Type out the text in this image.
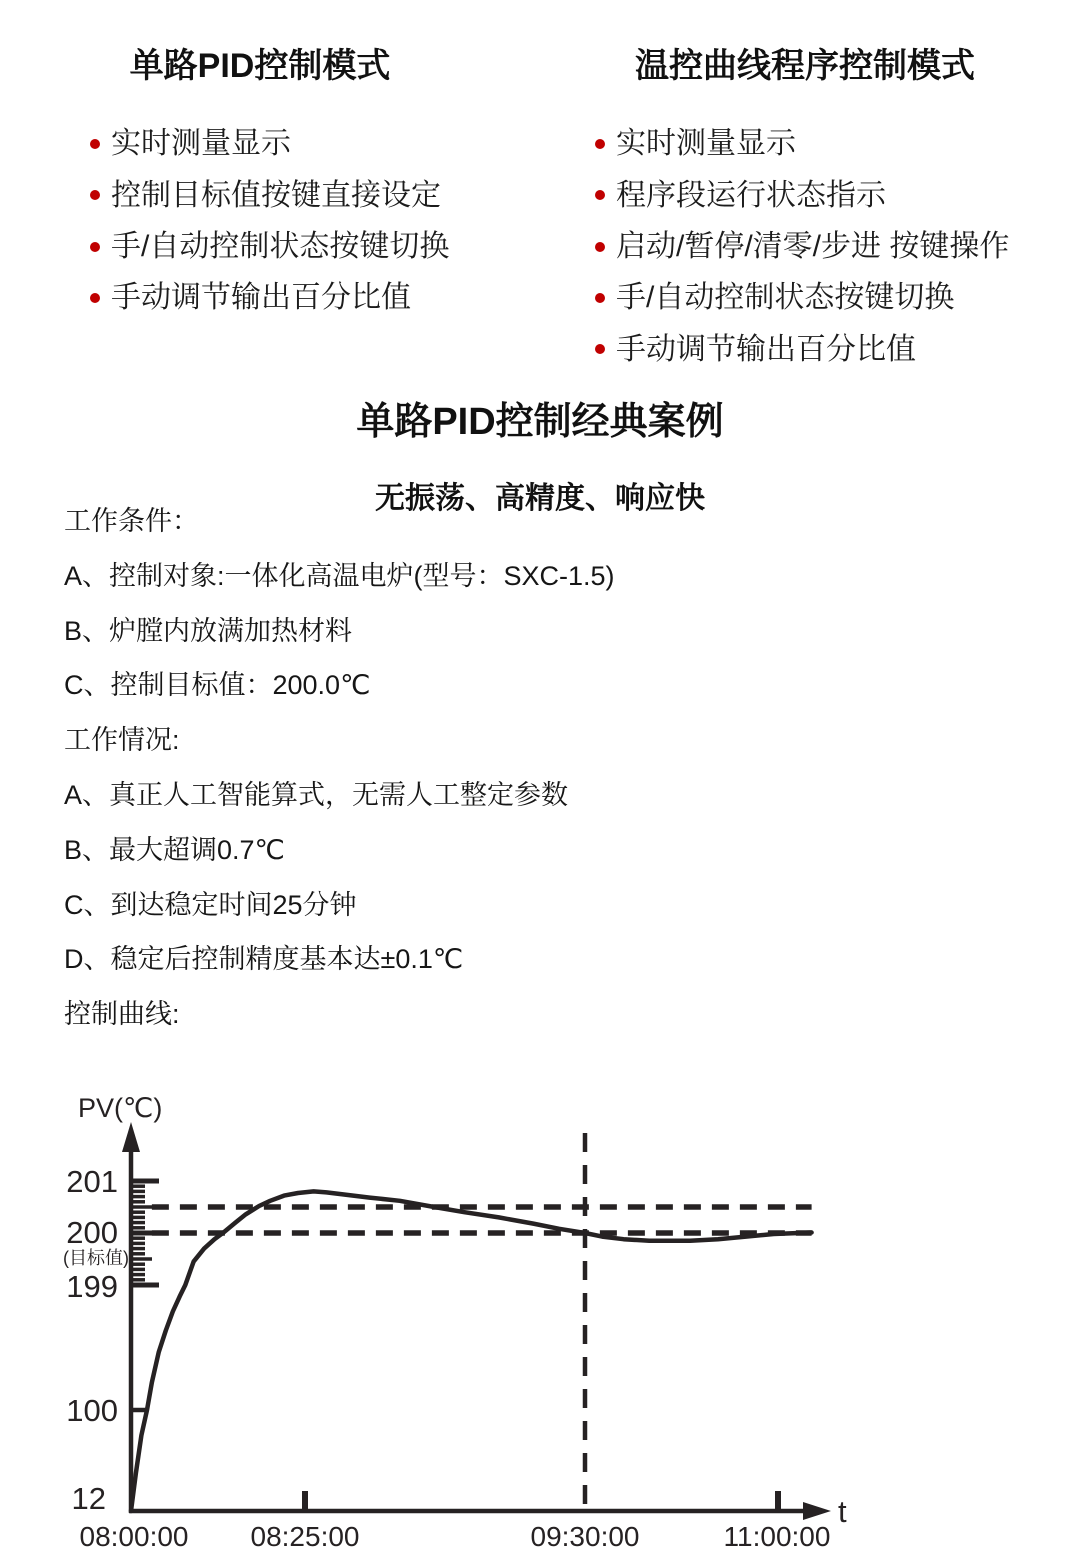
单路PID控制模式
实时测量显示
控制目标值按键直接设定
手/自动控制状态按键切换
手动调节输出百分比值
温控曲线程序控制模式
实时测量显示
程序段运行状态指示
启动/暂停/清零/步进 按键操作
手/自动控制状态按键切换
手动调节输出百分比值
单路PID控制经典案例
无振荡、高精度、响应快
工作条件：
A、控制对象:一体化高温电炉(型号：SXC-1.5)
B、炉膛内放满加热材料
C、控制目标值：200.0℃
工作情况:
A、真正人工智能算式，无需人工整定参数
B、最大超调0.7℃
C、到达稳定时间25分钟
D、稳定后控制精度基本达±0.1℃
控制曲线:
PV(℃)
201
200
(目标值)
199
100
12
08:00:00 08:25:00	09:30:00	11:00:00
t
